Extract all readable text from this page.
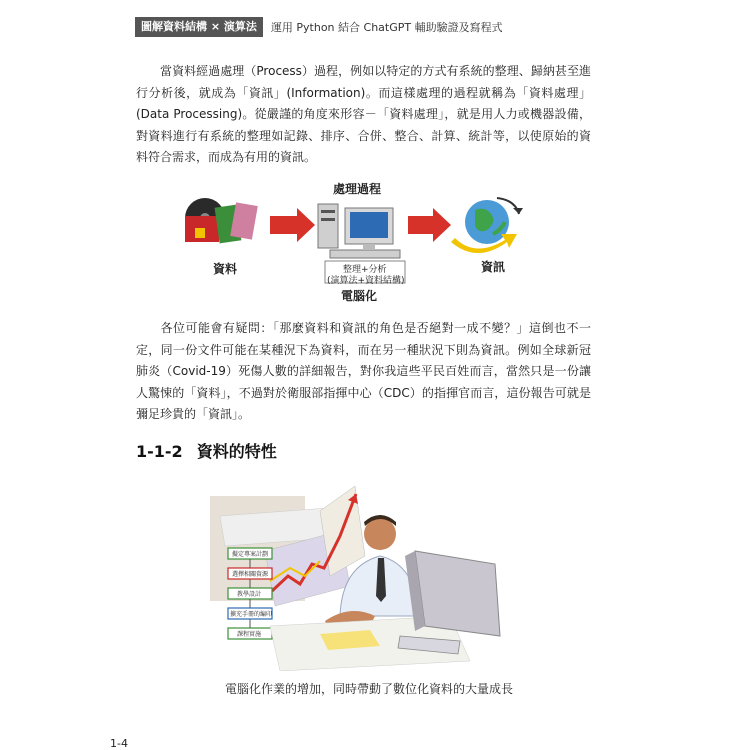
圖解資料結構 × 演算法	運用 Python 結合 ChatGPT 輔助驗證及寫程式

當資料經過處理（Process）過程，例如以特定的方式有系統的整理、歸納甚至進行分析後，就成為「資訊」(Information)。而這樣處理的過程就稱為「資料處理」(Data Processing)。從嚴謹的角度來形容－「資料處理」，就是用人力或機器設備，對資料進行有系統的整理如記錄、排序、合併、整合、計算、統計等，以使原始的資料符合需求，而成為有用的資訊。

處理過程
資料	資訊
整理+分析
(演算法+資料結構)
電腦化

各位可能會有疑問：「那麼資料和資訊的角色是否絕對一成不變？」這倒也不一定，同一份文件可能在某種況下為資料，而在另一種狀況下則為資訊。例如全球新冠肺炎（Covid-19）死傷人數的詳細報告，對你我這些平民百姓而言，當然只是一份讓人驚悚的「資料」，不過對於衛服部指揮中心（CDC）的指揮官而言，這份報告可就是彌足珍貴的「資訊」。

1-1-2 資料的特性
擬定專案計劃
選擇相關資源
教學設計
擴充手冊的編印
課程實施
電腦化作業的增加，同時帶動了數位化資料的大量成長
1-4
